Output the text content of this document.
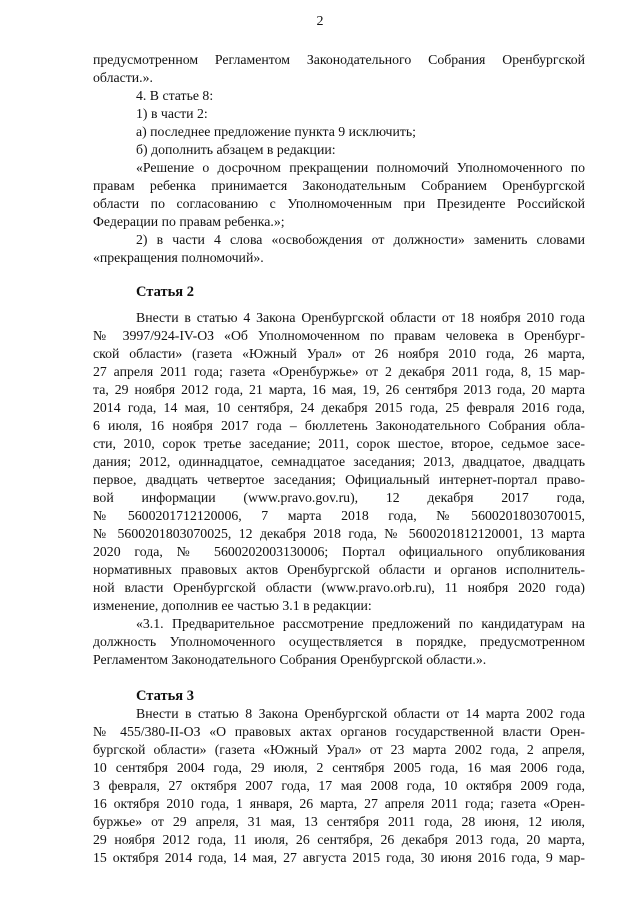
2

предусмотренном Регламентом Законодательного Собрания Оренбургской

области.».

4. В статье 8:

1) в части 2:

а) последнее предложение пункта 9 исключить;

б) дополнить абзацем в редакции:

«Решение о досрочном прекращении полномочий Уполномоченного по

правам ребенка принимается Законодательным Собранием Оренбургской

области по согласованию с Уполномоченным при Президенте Российской

Федерации по правам ребенка.»;

2) в части 4 слова «освобождения от должности» заменить словами

«прекращения полномочий».

Статья 2

Внести в статью 4 Закона Оренбургской области от 18 ноября 2010 года

№ 3997/924-IV-ОЗ «Об Уполномоченном по правам человека в Оренбург-

ской области» (газета «Южный Урал» от 26 ноября 2010 года, 26 марта,

27 апреля 2011 года; газета «Оренбуржье» от 2 декабря 2011 года, 8, 15 мар-

та, 29 ноября 2012 года, 21 марта, 16 мая, 19, 26 сентября 2013 года, 20 марта

2014 года, 14 мая, 10 сентября, 24 декабря 2015 года, 25 февраля 2016 года,

6 июля, 16 ноября 2017 года – бюллетень Законодательного Собрания обла-

сти, 2010, сорок третье заседание; 2011, сорок шестое, второе, седьмое засе-

дания; 2012, одиннадцатое, семнадцатое заседания; 2013, двадцатое, двадцать

первое, двадцать четвертое заседания; Официальный интернет-портал право-

вой информации (www.pravo.gov.ru), 12 декабря 2017 года,

№ 5600201712120006, 7 марта 2018 года, № 5600201803070015,

№ 5600201803070025, 12 декабря 2018 года, № 5600201812120001, 13 марта

2020 года, № 5600202003130006; Портал официального опубликования

нормативных правовых актов Оренбургской области и органов исполнитель-

ной власти Оренбургской области (www.pravo.orb.ru), 11 ноября 2020 года)

изменение, дополнив ее частью 3.1 в редакции:

«3.1. Предварительное рассмотрение предложений по кандидатурам на

должность Уполномоченного осуществляется в порядке, предусмотренном

Регламентом Законодательного Собрания Оренбургской области.».

Статья 3

Внести в статью 8 Закона Оренбургской области от 14 марта 2002 года

№ 455/380-II-ОЗ «О правовых актах органов государственной власти Орен-

бургской области» (газета «Южный Урал» от 23 марта 2002 года, 2 апреля,

10 сентября 2004 года, 29 июля, 2 сентября 2005 года, 16 мая 2006 года,

3 февраля, 27 октября 2007 года, 17 мая 2008 года, 10 октября 2009 года,

16 октября 2010 года, 1 января, 26 марта, 27 апреля 2011 года; газета «Орен-

буржье» от 29 апреля, 31 мая, 13 сентября 2011 года, 28 июня, 12 июля,

29 ноября 2012 года, 11 июля, 26 сентября, 26 декабря 2013 года, 20 марта,

15 октября 2014 года, 14 мая, 27 августа 2015 года, 30 июня 2016 года, 9 мар-
